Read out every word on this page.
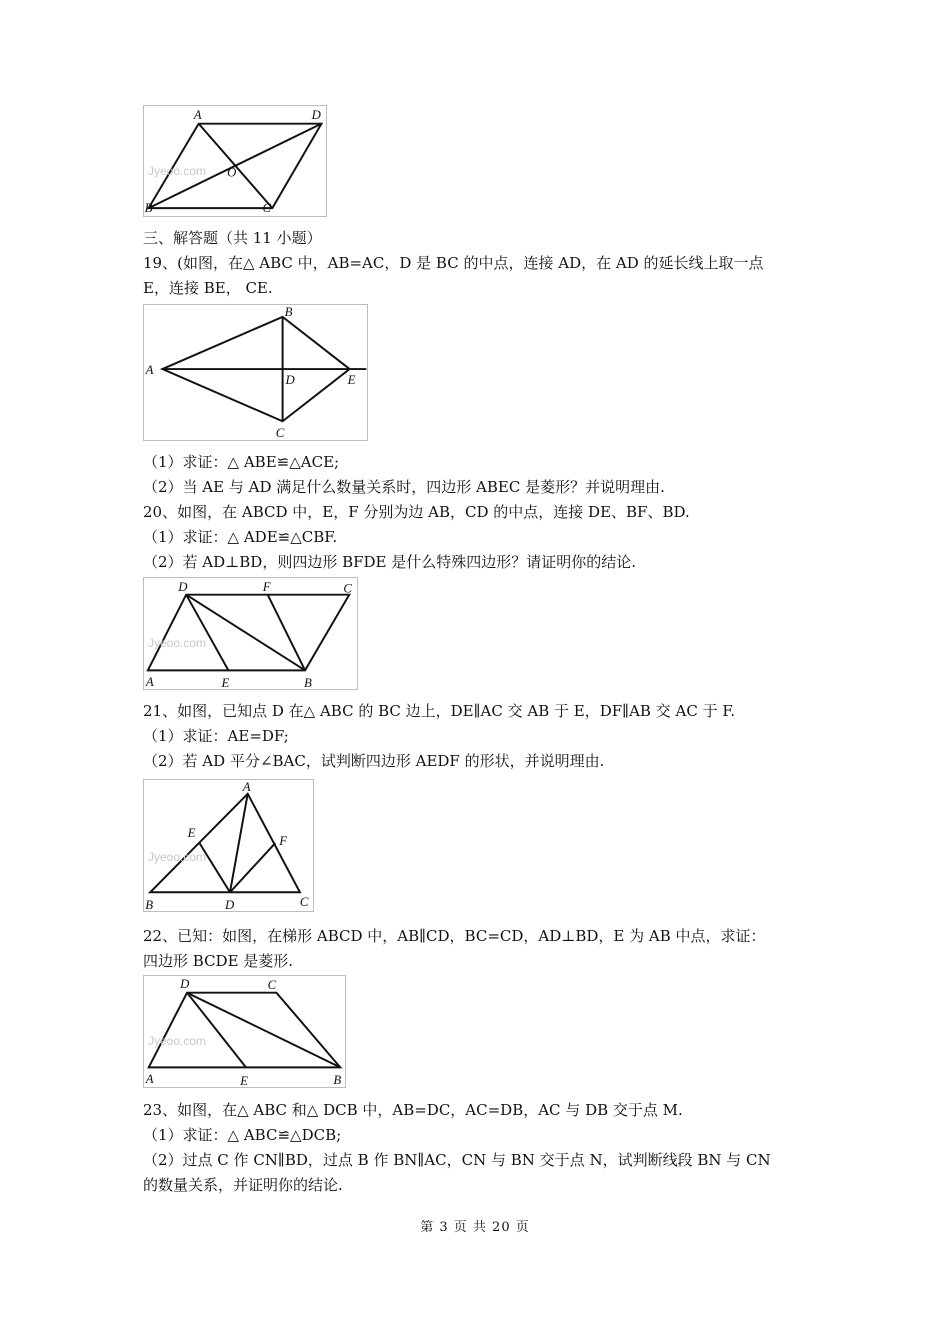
A	D
O
B	C
Jyeoo.com
三、解答题（共 11 小题）
19、(如图，在△ ABC 中，AB=AC，D 是 BC 的中点，连接 AD，在 AD 的延长线上取一点
E，连接 BE， CE.
B
A
D	E
C
（1）求证：△ ABE≌△ACE;
（2）当 AE 与 AD 满足什么数量关系时，四边形 ABEC 是菱形？并说明理由.
20、如图，在 ABCD 中，E，F 分别为边 AB，CD 的中点，连接 DE、BF、BD.
（1）求证：△ ADE≌△CBF.
（2）若 AD⊥BD，则四边形 BFDE 是什么特殊四边形？请证明你的结论.
D	F	C
A	E	B
Jyeoo.com
21、如图，已知点 D 在△ ABC 的 BC 边上，DE∥AC 交 AB 于 E，DF∥AB 交 AC 于 F.
（1）求证：AE=DF;
（2）若 AD 平分∠BAC，试判断四边形 AEDF 的形状，并说明理由.
A
E
F
B	D	C
Jyeoo.com
22、已知：如图，在梯形 ABCD 中，AB∥CD，BC=CD，AD⊥BD，E 为 AB 中点，求证：
四边形 BCDE 是菱形.
D	C
A	E	B
Jyeoo.com
23、如图，在△ ABC 和△ DCB 中，AB=DC，AC=DB，AC 与 DB 交于点 M.
（1）求证：△ ABC≌△DCB;
（2）过点 C 作 CN∥BD，过点 B 作 BN∥AC，CN 与 BN 交于点 N，试判断线段 BN 与 CN
的数量关系，并证明你的结论.
第 3 页 共 20 页
